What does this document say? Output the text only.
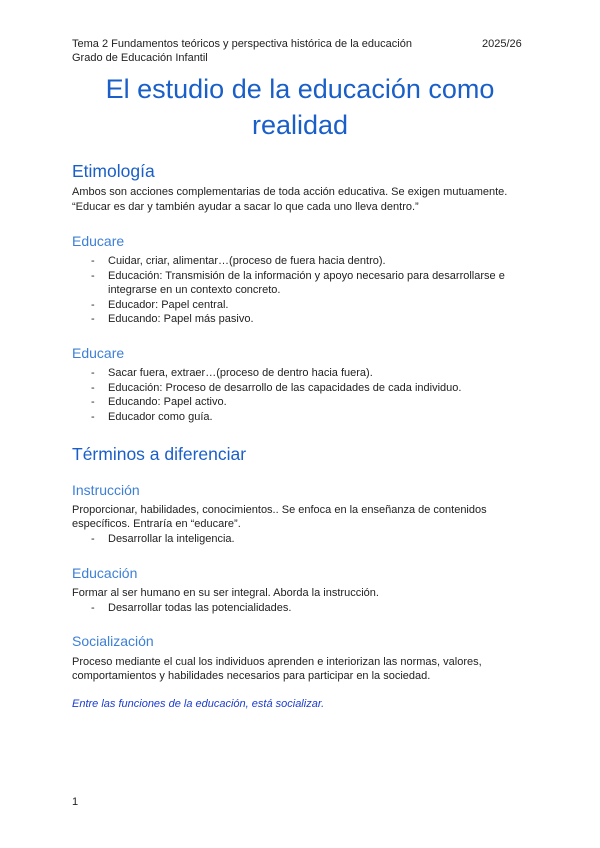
Tema 2 Fundamentos teóricos y perspectiva histórica de la educación	2025/26
Grado de Educación Infantil
El estudio de la educación como
realidad
Etimología

Ambos son acciones complementarias de toda acción educativa. Se exigen mutuamente.

“Educar es dar y también ayudar a sacar lo que cada uno lleva dentro.”

Educare
- Cuidar, criar, alimentar…(proceso de fuera hacia dentro).
- Educación: Transmisión de la información y apoyo necesario para desarrollarse e
integrarse en un contexto concreto.
- Educador: Papel central.
- Educando: Papel más pasivo.
Educare
- Sacar fuera, extraer…(proceso de dentro hacia fuera).
- Educación: Proceso de desarrollo de las capacidades de cada individuo.
- Educando: Papel activo.
- Educador como guía.
Términos a diferenciar
Instrucción

Proporcionar, habilidades, conocimientos.. Se enfoca en la enseñanza de contenidos

específicos. Entraría en “educare”.

- Desarrollar la inteligencia.
Educación

Formar al ser humano en su ser integral. Aborda la instrucción.

- Desarrollar todas las potencialidades.
Socialización

Proceso mediante el cual los individuos aprenden e interiorizan las normas, valores,

comportamientos y habilidades necesarios para participar en la sociedad.

Entre las funciones de la educación, está socializar.

1
